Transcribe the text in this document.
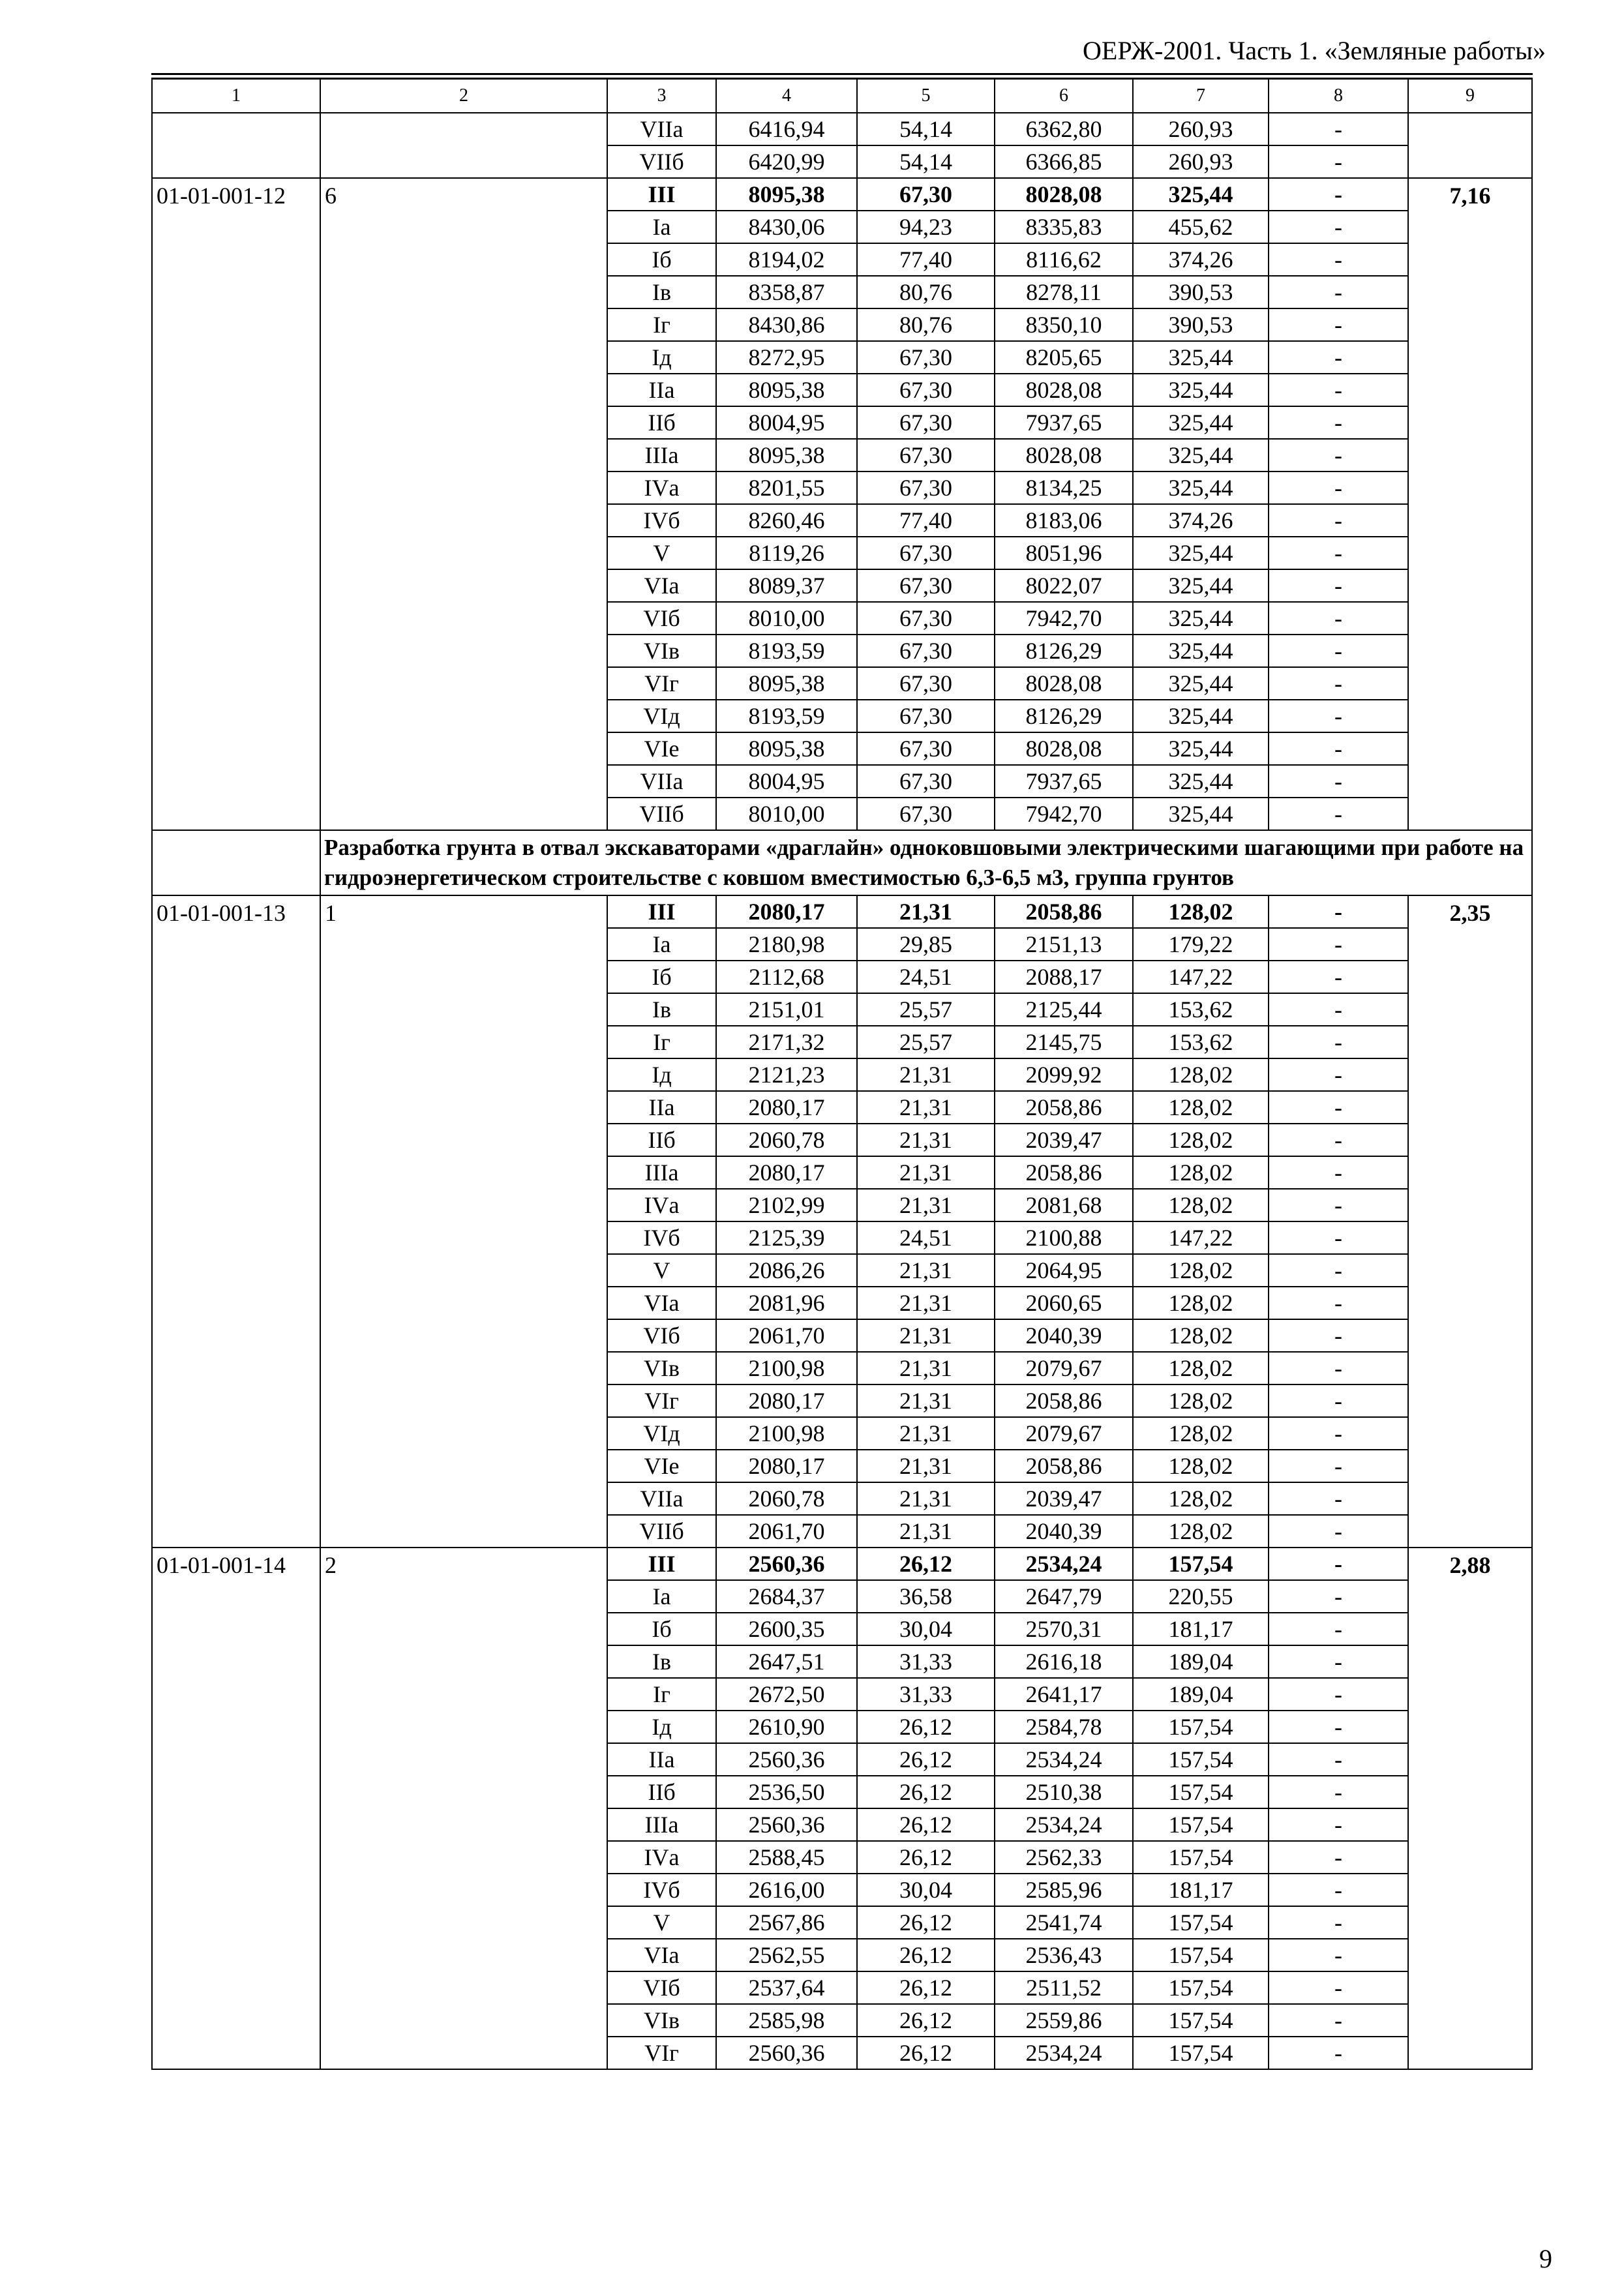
ОЕРЖ-2001. Часть 1. «Земляные работы»
1	2	3	4	5	6	7	8	9
		VIIа	6416,94	54,14	6362,80	260,93	-	
		VIIб	6420,99	54,14	6366,85	260,93	-	
01-01-001-12	6	III	8095,38	67,30	8028,08	325,44	-	7,16
		Iа	8430,06	94,23	8335,83	455,62	-	
		Iб	8194,02	77,40	8116,62	374,26	-	
		Iв	8358,87	80,76	8278,11	390,53	-	
		Iг	8430,86	80,76	8350,10	390,53	-	
		Iд	8272,95	67,30	8205,65	325,44	-	
		IIа	8095,38	67,30	8028,08	325,44	-	
		IIб	8004,95	67,30	7937,65	325,44	-	
		IIIа	8095,38	67,30	8028,08	325,44	-	
		IVа	8201,55	67,30	8134,25	325,44	-	
		IVб	8260,46	77,40	8183,06	374,26	-	
		V	8119,26	67,30	8051,96	325,44	-	
		VIа	8089,37	67,30	8022,07	325,44	-	
		VIб	8010,00	67,30	7942,70	325,44	-	
		VIв	8193,59	67,30	8126,29	325,44	-	
		VIг	8095,38	67,30	8028,08	325,44	-	
		VIд	8193,59	67,30	8126,29	325,44	-	
		VIе	8095,38	67,30	8028,08	325,44	-	
		VIIа	8004,95	67,30	7937,65	325,44	-	
		VIIб	8010,00	67,30	7942,70	325,44	-	
	Разработка грунта в отвал экскаваторами «драглайн» одноковшовыми электрическими шагающими при работе на гидроэнергетическом строительстве с ковшом вместимостью 6,3-6,5 м3, группа грунтов							
01-01-001-13	1	III	2080,17	21,31	2058,86	128,02	-	2,35
		Iа	2180,98	29,85	2151,13	179,22	-	
		Iб	2112,68	24,51	2088,17	147,22	-	
		Iв	2151,01	25,57	2125,44	153,62	-	
		Iг	2171,32	25,57	2145,75	153,62	-	
		Iд	2121,23	21,31	2099,92	128,02	-	
		IIа	2080,17	21,31	2058,86	128,02	-	
		IIб	2060,78	21,31	2039,47	128,02	-	
		IIIа	2080,17	21,31	2058,86	128,02	-	
		IVа	2102,99	21,31	2081,68	128,02	-	
		IVб	2125,39	24,51	2100,88	147,22	-	
		V	2086,26	21,31	2064,95	128,02	-	
		VIа	2081,96	21,31	2060,65	128,02	-	
		VIб	2061,70	21,31	2040,39	128,02	-	
		VIв	2100,98	21,31	2079,67	128,02	-	
		VIг	2080,17	21,31	2058,86	128,02	-	
		VIд	2100,98	21,31	2079,67	128,02	-	
		VIе	2080,17	21,31	2058,86	128,02	-	
		VIIа	2060,78	21,31	2039,47	128,02	-	
		VIIб	2061,70	21,31	2040,39	128,02	-	
01-01-001-14	2	III	2560,36	26,12	2534,24	157,54	-	2,88
		Iа	2684,37	36,58	2647,79	220,55	-	
		Iб	2600,35	30,04	2570,31	181,17	-	
		Iв	2647,51	31,33	2616,18	189,04	-	
		Iг	2672,50	31,33	2641,17	189,04	-	
		Iд	2610,90	26,12	2584,78	157,54	-	
		IIа	2560,36	26,12	2534,24	157,54	-	
		IIб	2536,50	26,12	2510,38	157,54	-	
		IIIа	2560,36	26,12	2534,24	157,54	-	
		IVа	2588,45	26,12	2562,33	157,54	-	
		IVб	2616,00	30,04	2585,96	181,17	-	
		V	2567,86	26,12	2541,74	157,54	-	
		VIа	2562,55	26,12	2536,43	157,54	-	
		VIб	2537,64	26,12	2511,52	157,54	-	
		VIв	2585,98	26,12	2559,86	157,54	-	
		VIг	2560,36	26,12	2534,24	157,54	-	
9
